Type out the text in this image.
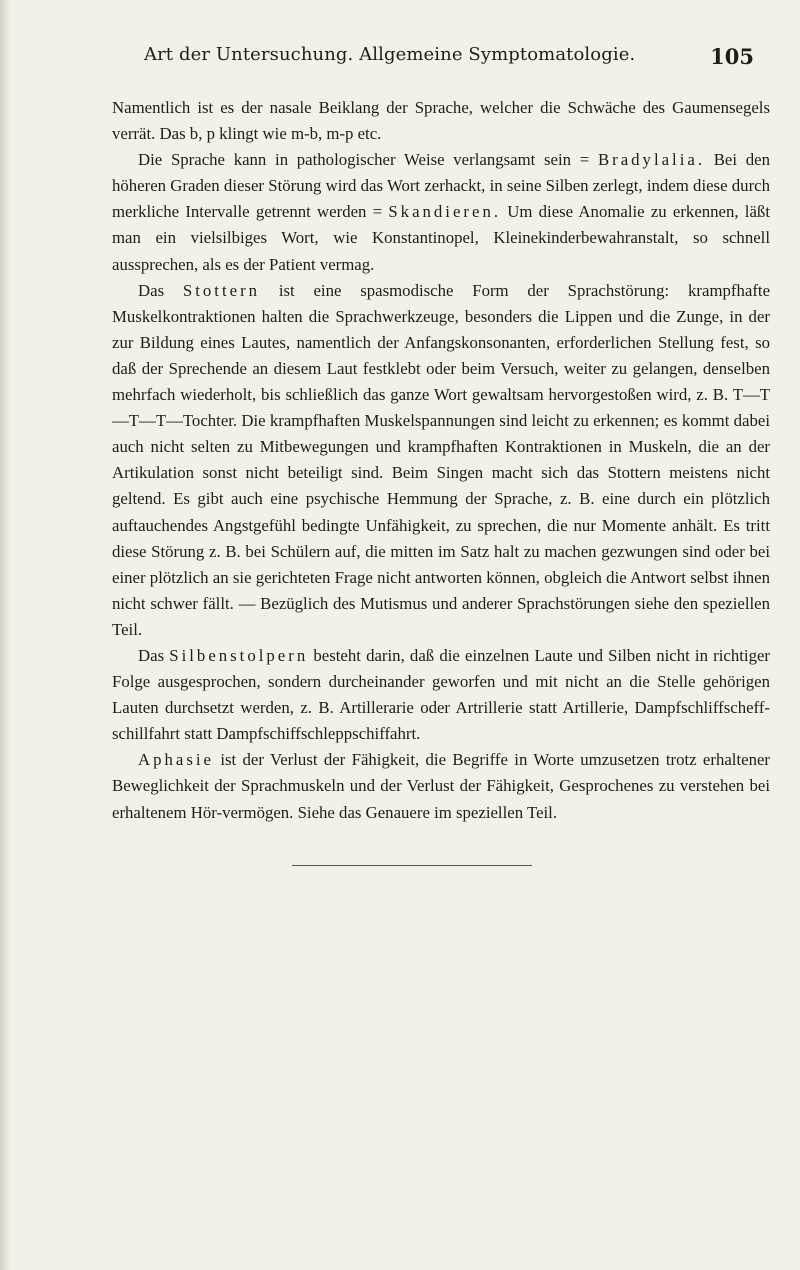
Art der Untersuchung. Allgemeine Symptomatologie.	105

Namentlich ist es der nasale Beiklang der Sprache, welcher die Schwäche des Gaumensegels verrät. Das b, p klingt wie m-b, m-p etc.

Die Sprache kann in pathologischer Weise verlangsamt sein = Bradylalia. Bei den höheren Graden dieser Störung wird das Wort zerhackt, in seine Silben zerlegt, indem diese durch merkliche Intervalle getrennt werden = Skandieren. Um diese Anomalie zu erkennen, läßt man ein vielsilbiges Wort, wie Konstantinopel, Kleinekinderbewahranstalt, so schnell aussprechen, als es der Patient vermag.

Das Stottern ist eine spasmodische Form der Sprachstörung: krampfhafte Muskelkontraktionen halten die Sprachwerkzeuge, besonders die Lippen und die Zunge, in der zur Bildung eines Lautes, namentlich der Anfangskonsonanten, erforderlichen Stellung fest, so daß der Sprechende an diesem Laut festklebt oder beim Versuch, weiter zu gelangen, denselben mehrfach wiederholt, bis schließlich das ganze Wort gewaltsam hervorgestoßen wird, z. B. T—T—T—T—Tochter. Die krampfhaften Muskelspannungen sind leicht zu erkennen; es kommt dabei auch nicht selten zu Mitbewegungen und krampfhaften Kontraktionen in Muskeln, die an der Artikulation sonst nicht beteiligt sind. Beim Singen macht sich das Stottern meistens nicht geltend. Es gibt auch eine psychische Hemmung der Sprache, z. B. eine durch ein plötzlich auftauchendes Angstgefühl bedingte Unfähigkeit, zu sprechen, die nur Momente anhält. Es tritt diese Störung z. B. bei Schülern auf, die mitten im Satz halt zu machen gezwungen sind oder bei einer plötzlich an sie gerichteten Frage nicht antworten können, obgleich die Antwort selbst ihnen nicht schwer fällt. — Bezüglich des Mutismus und anderer Sprachstörungen siehe den speziellen Teil.

Das Silbenstolpern besteht darin, daß die einzelnen Laute und Silben nicht in richtiger Folge ausgesprochen, sondern durcheinander geworfen und mit nicht an die Stelle gehörigen Lauten durchsetzt werden, z. B. Artillerarie oder Artrillerie statt Artillerie, Dampfschliffscheff-schillfahrt statt Dampfschiffschleppschiffahrt.

Aphasie ist der Verlust der Fähigkeit, die Begriffe in Worte umzusetzen trotz erhaltener Beweglichkeit der Sprachmuskeln und der Verlust der Fähigkeit, Gesprochenes zu verstehen bei erhaltenem Hör-vermögen. Siehe das Genauere im speziellen Teil.
